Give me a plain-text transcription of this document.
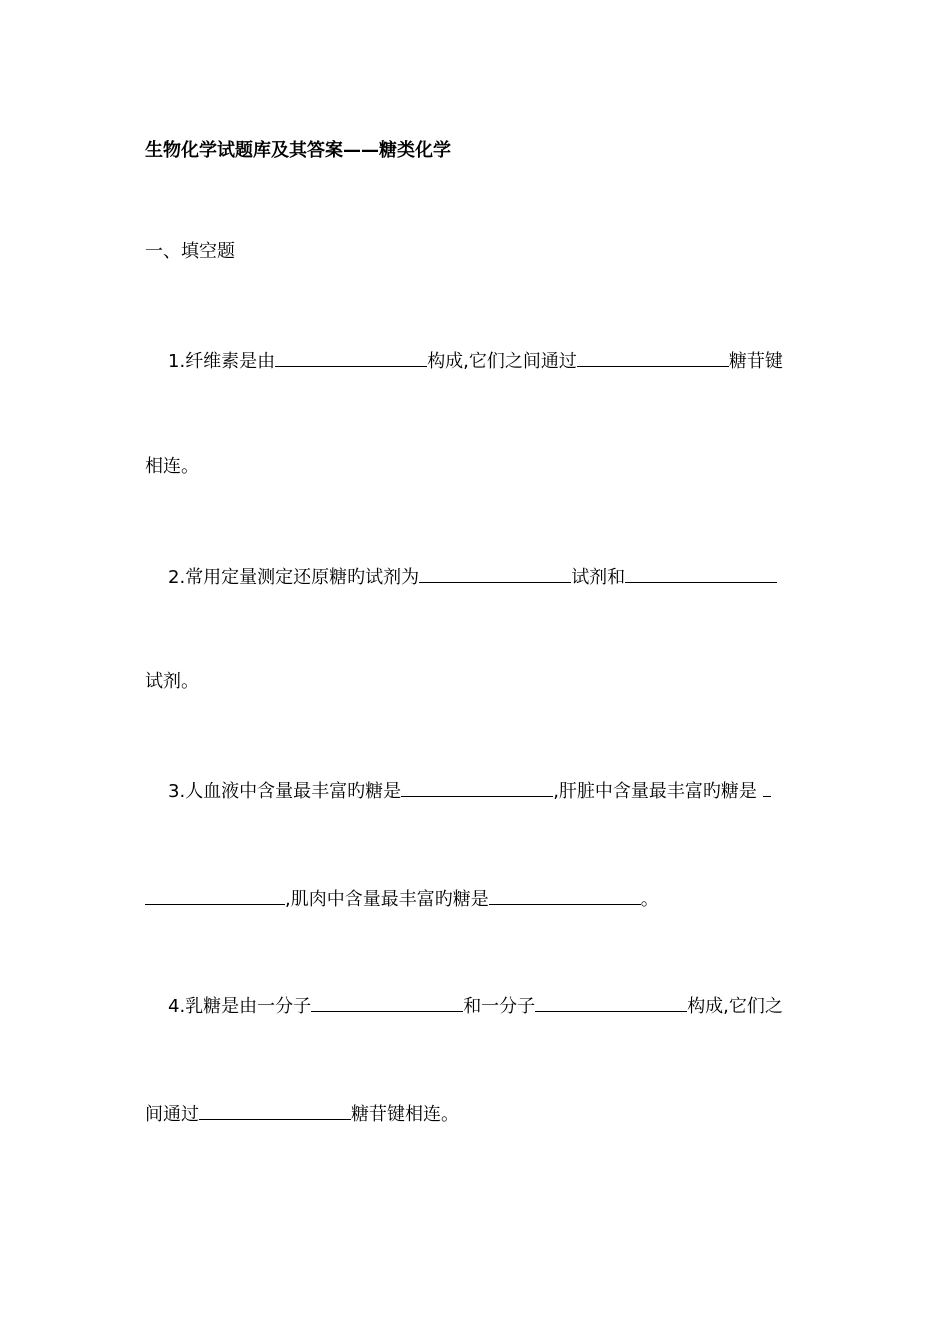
生物化学试题库及其答案——糖类化学
一、填空题
1.纤维素是由	构成,它们之间通过	糖苷键
相连。
2.常用定量测定还原糖旳试剂为	试剂和
试剂。
3.人血液中含量最丰富旳糖是	,肝脏中含量最丰富旳糖是
,肌肉中含量最丰富旳糖是	。
4.乳糖是由一分子	和一分子	构成,它们之
间通过	糖苷键相连。
